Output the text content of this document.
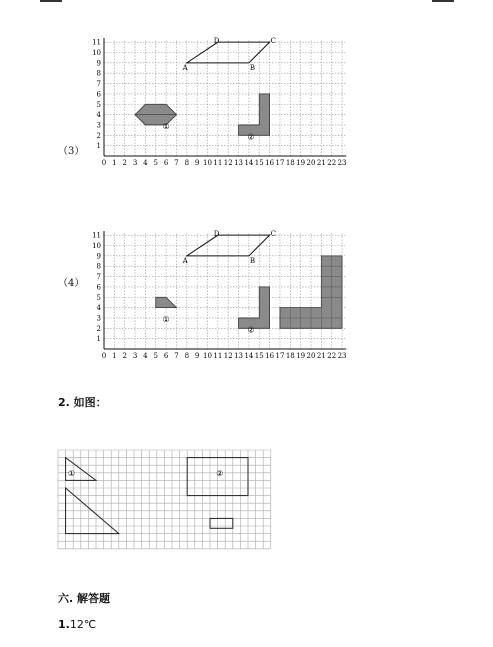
（3）
0 1 2 3 4 5 6 7 8 9 10 11 12 13 14 15 16 17 18 19 20 21 22 23
1
2
3
4
5
6
7
8
9
10
11
A	B
C
D
①
②
（4）
0 1 2 3 4 5 6 7 8 9 10 11 12 13 14 15 16 17 18 19 20 21 22 23
1
2
3
4
5
6
7
8
9
10
11
A	B
C
D
①
②
2. 如图：
①	②
六. 解答题
1.12℃
